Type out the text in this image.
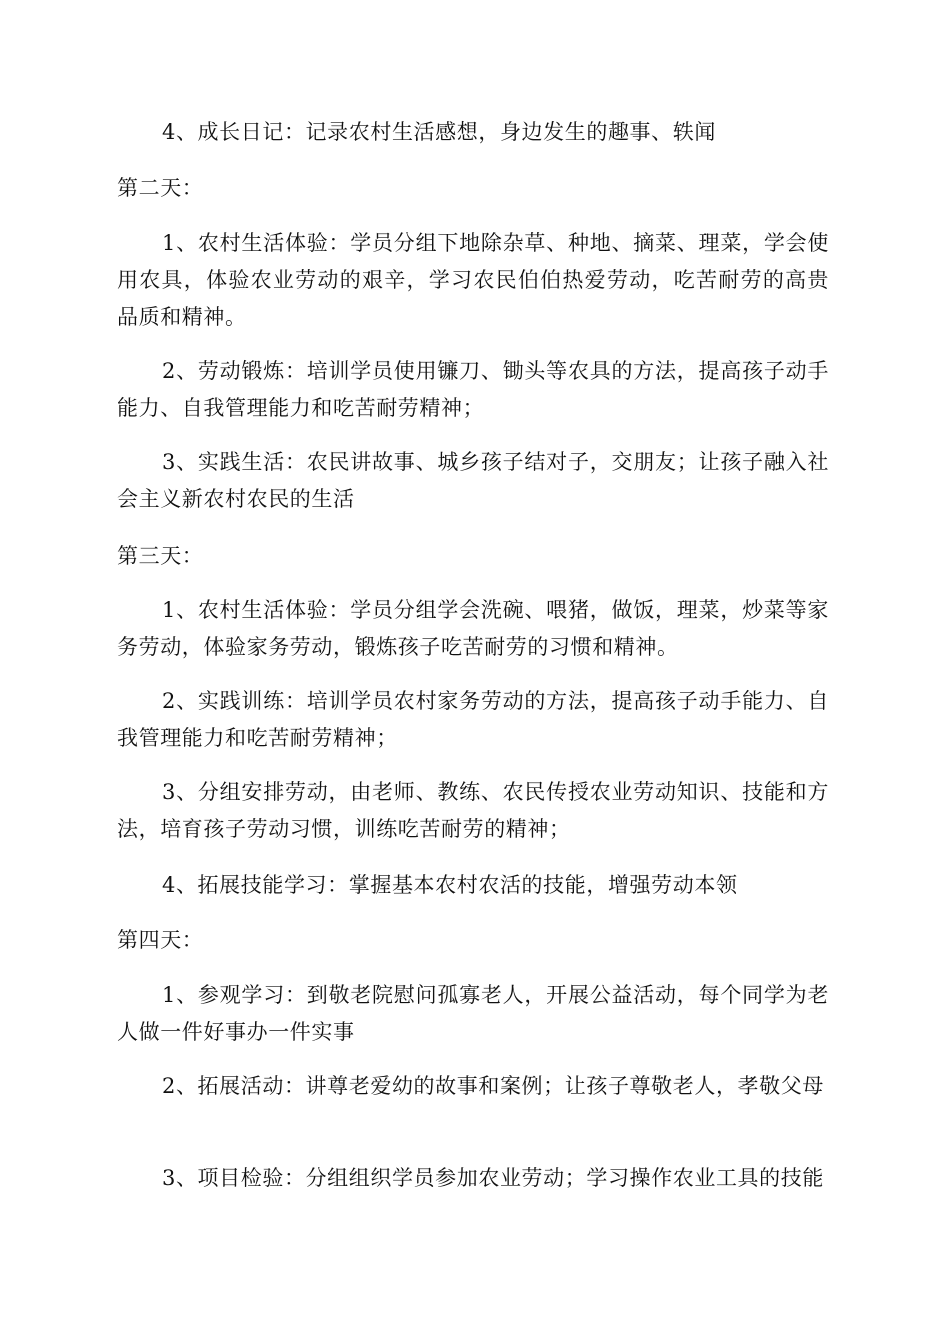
4、成长日记：记录农村生活感想，身边发生的趣事、轶闻
第二天：
1、农村生活体验：学员分组下地除杂草、种地、摘菜、理菜，学会使用农具，体验农业劳动的艰辛，学习农民伯伯热爱劳动，吃苦耐劳的高贵品质和精神。
2、劳动锻炼：培训学员使用镰刀、锄头等农具的方法，提高孩子动手能力、自我管理能力和吃苦耐劳精神；
3、实践生活：农民讲故事、城乡孩子结对子，交朋友；让孩子融入社会主义新农村农民的生活
第三天：
1、农村生活体验：学员分组学会洗碗、喂猪，做饭，理菜，炒菜等家务劳动，体验家务劳动，锻炼孩子吃苦耐劳的习惯和精神。
2、实践训练：培训学员农村家务劳动的方法，提高孩子动手能力、自我管理能力和吃苦耐劳精神；
3、分组安排劳动，由老师、教练、农民传授农业劳动知识、技能和方法，培育孩子劳动习惯，训练吃苦耐劳的精神；
4、拓展技能学习：掌握基本农村农活的技能，增强劳动本领
第四天：
1、参观学习：到敬老院慰问孤寡老人，开展公益活动，每个同学为老人做一件好事办一件实事
2、拓展活动：讲尊老爱幼的故事和案例；让孩子尊敬老人，孝敬父母
3、项目检验：分组组织学员参加农业劳动；学习操作农业工具的技能
